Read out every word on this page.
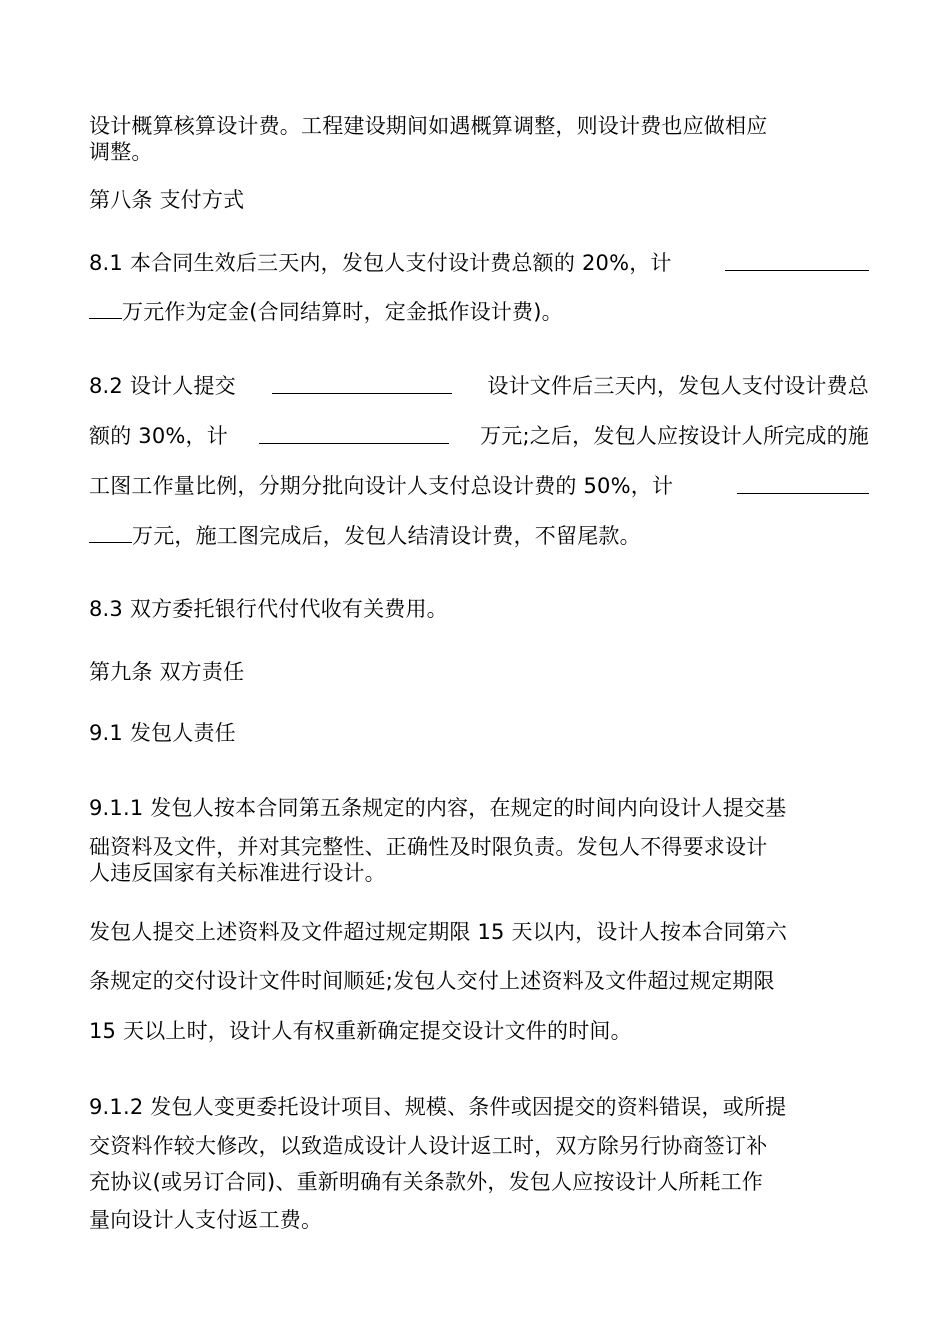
设计概算核算设计费。工程建设期间如遇概算调整，则设计费也应做相应
调整。
第八条 支付方式
8.1 本合同生效后三天内，发包人支付设计费总额的 20%，计
万元作为定金(合同结算时，定金抵作设计费)。
8.2 设计人提交	设计文件后三天内，发包人支付设计费总
额的 30%，计	万元;之后，发包人应按设计人所完成的施
工图工作量比例，分期分批向设计人支付总设计费的 50%，计
万元，施工图完成后，发包人结清设计费，不留尾款。
8.3 双方委托银行代付代收有关费用。
第九条 双方责任
9.1 发包人责任
9.1.1 发包人按本合同第五条规定的内容，在规定的时间内向设计人提交基
础资料及文件，并对其完整性、正确性及时限负责。发包人不得要求设计
人违反国家有关标准进行设计。
发包人提交上述资料及文件超过规定期限 15 天以内，设计人按本合同第六
条规定的交付设计文件时间顺延;发包人交付上述资料及文件超过规定期限
15 天以上时，设计人有权重新确定提交设计文件的时间。
9.1.2 发包人变更委托设计项目、规模、条件或因提交的资料错误，或所提
交资料作较大修改，以致造成设计人设计返工时，双方除另行协商签订补
充协议(或另订合同)、重新明确有关条款外，发包人应按设计人所耗工作
量向设计人支付返工费。
